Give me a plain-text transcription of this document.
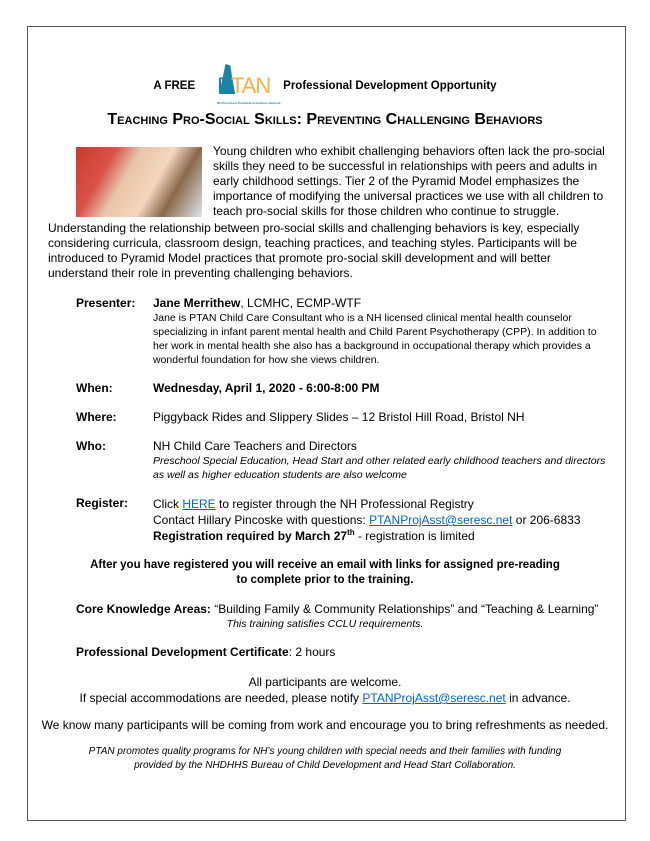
A FREE PTAN
NH Preschool Technical Assistance Network
Professional Development Opportunity
Teaching Pro-Social Skills: Preventing Challenging Behaviors
Young children who exhibit challenging behaviors often lack the pro-social skills they need to be successful in relationships with peers and adults in early childhood settings. Tier 2 of the Pyramid Model emphasizes the importance of modifying the universal practices we use with all children to teach pro-social skills for those children who continue to struggle.
Understanding the relationship between pro-social skills and challenging behaviors is key, especially considering curricula, classroom design, teaching practices, and teaching styles. Participants will be introduced to Pyramid Model practices that promote pro-social skill development and will better understand their role in preventing challenging behaviors.
Presenter:	Jane Merrithew, LCMHC, ECMP-WTF
Jane is PTAN Child Care Consultant who is a NH licensed clinical mental health counselor specializing in infant parent mental health and Child Parent Psychotherapy (CPP). In addition to her work in mental health she also has a background in occupational therapy which provides a wonderful foundation for how she views children.
When:	Wednesday, April 1, 2020 - 6:00-8:00 PM
Where:	Piggyback Rides and Slippery Slides – 12 Bristol Hill Road, Bristol NH
Who:	NH Child Care Teachers and Directors
Preschool Special Education, Head Start and other related early childhood teachers and directors as well as higher education students are also welcome
Register:	Click HERE to register through the NH Professional Registry
Contact Hillary Pincoske with questions: PTANProjAsst@seresc.net or 206-6833
Registration required by March 27th - registration is limited
After you have registered you will receive an email with links for assigned pre-reading
to complete prior to the training.
Core Knowledge Areas: “Building Family & Community Relationships” and “Teaching & Learning”
This training satisfies CCLU requirements.
Professional Development Certificate: 2 hours
All participants are welcome.
If special accommodations are needed, please notify PTANProjAsst@seresc.net in advance.
We know many participants will be coming from work and encourage you to bring refreshments as needed.
PTAN promotes quality programs for NH’s young children with special needs and their families with funding
provided by the NHDHHS Bureau of Child Development and Head Start Collaboration.
